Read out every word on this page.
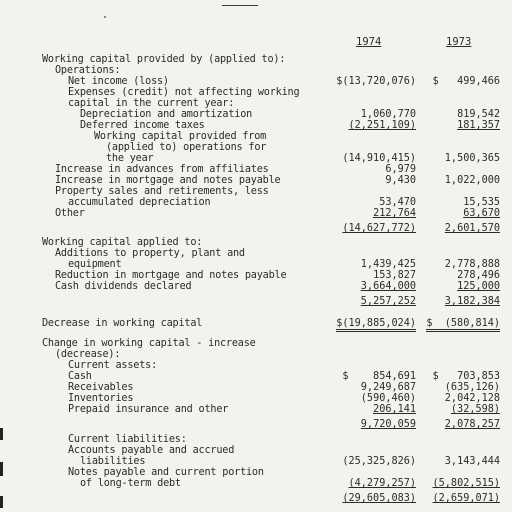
1974	1973
Working capital provided by (applied to):
Operations:
Net income (loss)	$(13,720,076) $   499,466
Expenses (credit) not affecting working
capital in the current year:
Depreciation and amortization	1,060,770	819,542
Deferred income taxes	(2,251,109)	181,357
Working capital provided from
(applied to) operations for
the year	(14,910,415)	1,500,365
Increase in advances from affiliates	6,979
Increase in mortgage and notes payable	9,430	1,022,000
Property sales and retirements, less
accumulated depreciation	53,470	15,535
Other	212,764	63,670
(14,627,772)	2,601,570
Working capital applied to:
Additions to property, plant and
equipment	1,439,425	2,778,888
Reduction in mortgage and notes payable	153,827	278,496
Cash dividends declared	3,664,000	125,000
5,257,252	3,182,384
Decrease in working capital	$(19,885,024) $  (580,814)
Change in working capital - increase
(decrease):
Current assets:
Cash	$    854,691 $   703,853
Receivables	9,249,687	(635,126)
Inventories	(590,460)	2,042,128
Prepaid insurance and other	206,141	(32,598)
9,720,059	2,078,257
Current liabilities:
Accounts payable and accrued
liabilities	(25,325,826)	3,143,444
Notes payable and current portion
of long-term debt	(4,279,257) (5,802,515)
(29,605,083) (2,659,071)
